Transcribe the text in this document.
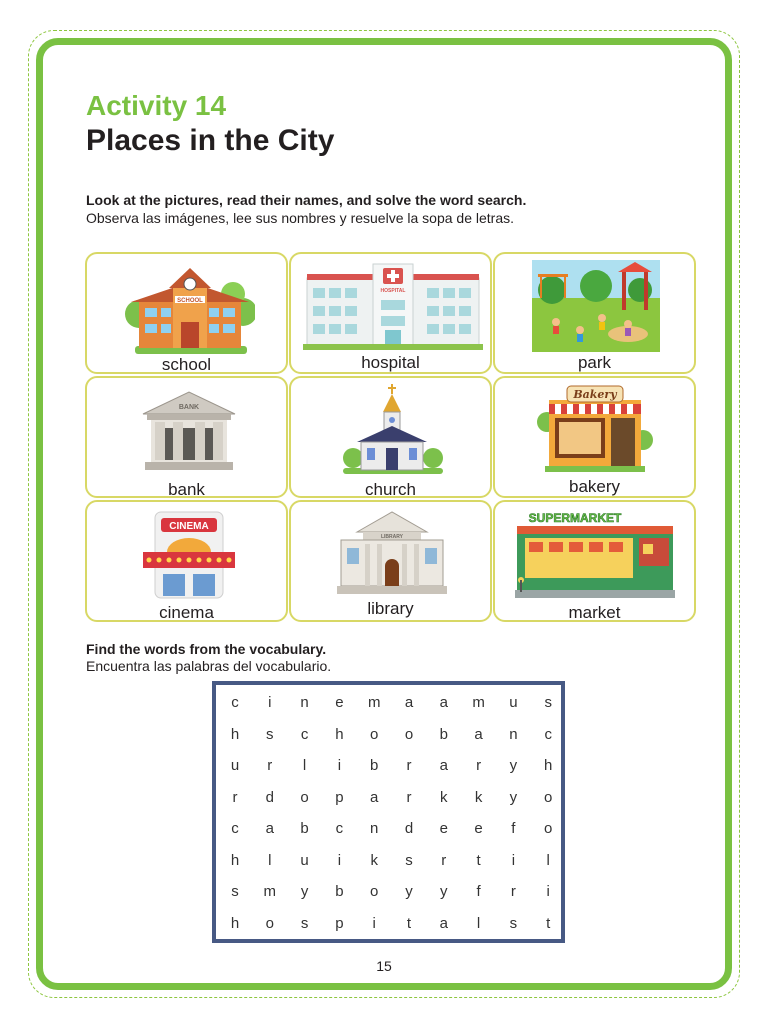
Activity 14
Places in the City
Look at the pictures, read their names, and solve the word search.
Observa las imágenes, lee sus nombres y resuelve la sopa de letras.
SCHOOL
school
HOSPITAL
hospital	park
BANK
bank	church
Bakery
bakery
CINEMA
cinema
LIBRARY
library
SUPERMARKET
market
Find the words from the vocabulary.
Encuentra las palabras del vocabulario.
c	i	n	e	m	a	a	m	u	s
h	s	c	h	o	o	b	a	n	c
u	r	l	i	b	r	a	r	y	h
r	d	o	p	a	r	k	k	y	o
c	a	b	c	n	d	e	e	f	o
h	l	u	i	k	s	r	t	i	l
s	m	y	b	o	y	y	f	r	i
h	o	s	p	i	t	a	l	s	t
15
